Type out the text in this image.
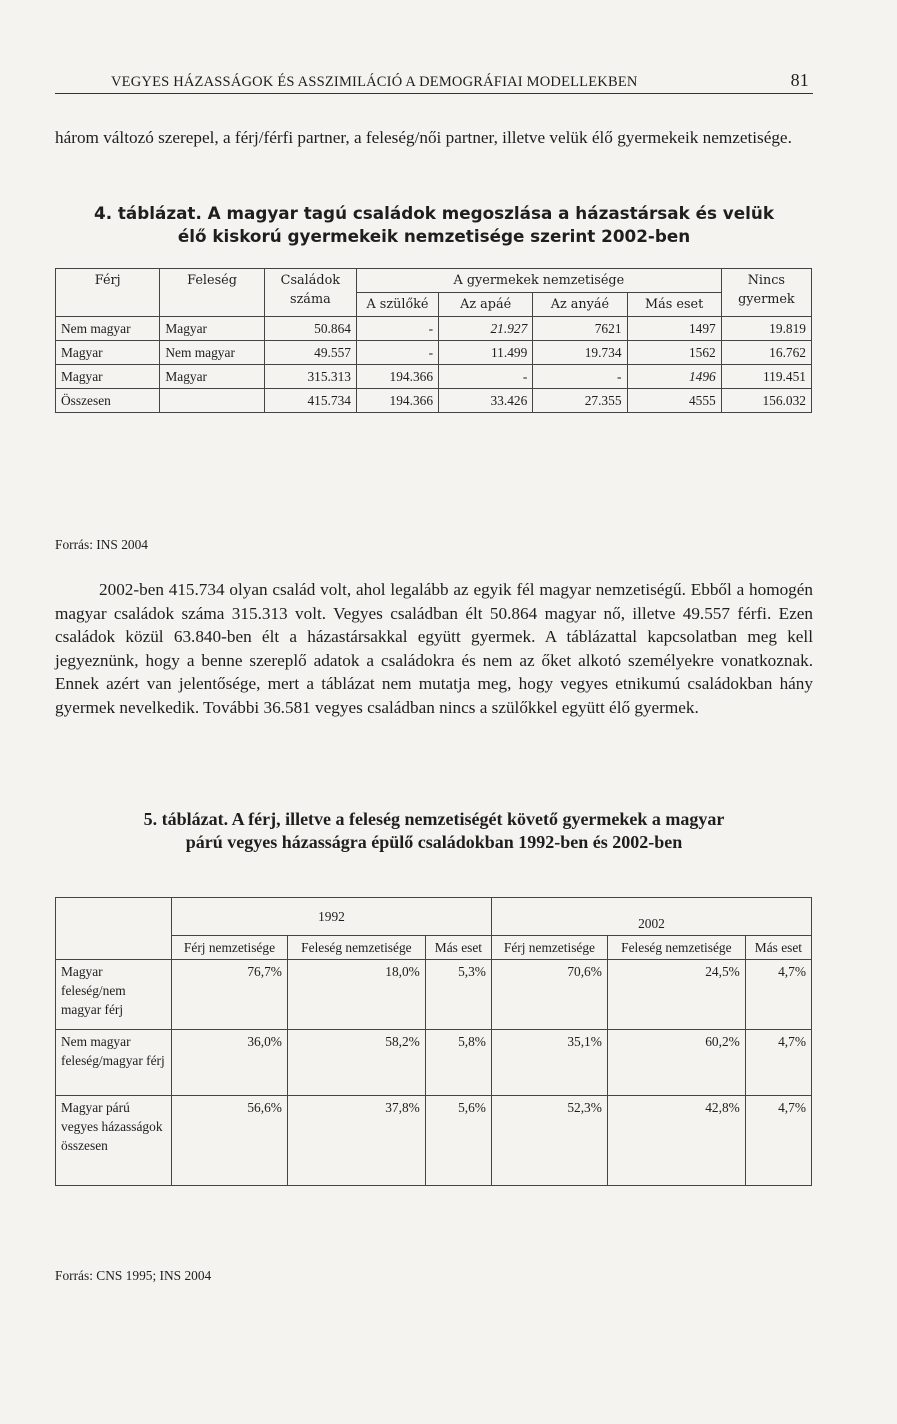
VEGYES HÁZASSÁGOK ÉS ASSZIMILÁCIÓ A DEMOGRÁFIAI MODELLEKBEN	81
három változó szerepel, a férj/férfi partner, a feleség/női partner, illetve velük élő gyermekeik nemzetisége.
4. táblázat. A magyar tagú családok megoszlása a házastársak és velük
élő kiskorú gyermekeik nemzetisége szerint 2002-ben
Férj	Feleség	Családok száma	A gyermekek nemzetisége				Nincs gyermek
			A szülőké	Az apáé	Az anyáé	Más eset	
Nem magyar	Magyar	50.864	-	21.927	7621	1497	19.819
Magyar	Nem magyar	49.557	-	11.499	19.734	1562	16.762
Magyar	Magyar	315.313	194.366	-	-	1496	119.451
Összesen		415.734	194.366	33.426	27.355	4555	156.032
Forrás: INS 2004
2002-ben 415.734 olyan család volt, ahol legalább az egyik fél magyar nemzetiségű. Ebből a homogén magyar családok száma 315.313 volt. Vegyes családban élt 50.864 magyar nő, illetve 49.557 férfi. Ezen családok közül 63.840-ben élt a házastársakkal együtt gyermek. A táblázattal kapcsolatban meg kell jegyeznünk, hogy a benne szereplő adatok a családokra és nem az őket alkotó személyekre vonatkoznak. Ennek azért van jelentősége, mert a táblázat nem mutatja meg, hogy vegyes etnikumú családokban hány gyermek nevelkedik. További 36.581 vegyes családban nincs a szülőkkel együtt élő gyermek.
5. táblázat. A férj, illetve a feleség nemzetiségét követő gyermekek a magyar
párú vegyes házasságra épülő családokban 1992-ben és 2002-ben
	1992			2002		
	Férj nemzetisége	Feleség nemzetisége	Más eset	Férj nemzetisége	Feleség nemzetisége	Más eset
Magyar feleség/nem magyar férj	76,7%	18,0%	5,3%	70,6%	24,5%	4,7%
Nem magyar feleség/magyar férj	36,0%	58,2%	5,8%	35,1%	60,2%	4,7%
Magyar párú vegyes házasságok összesen	56,6%	37,8%	5,6%	52,3%	42,8%	4,7%
Forrás: CNS 1995; INS 2004
